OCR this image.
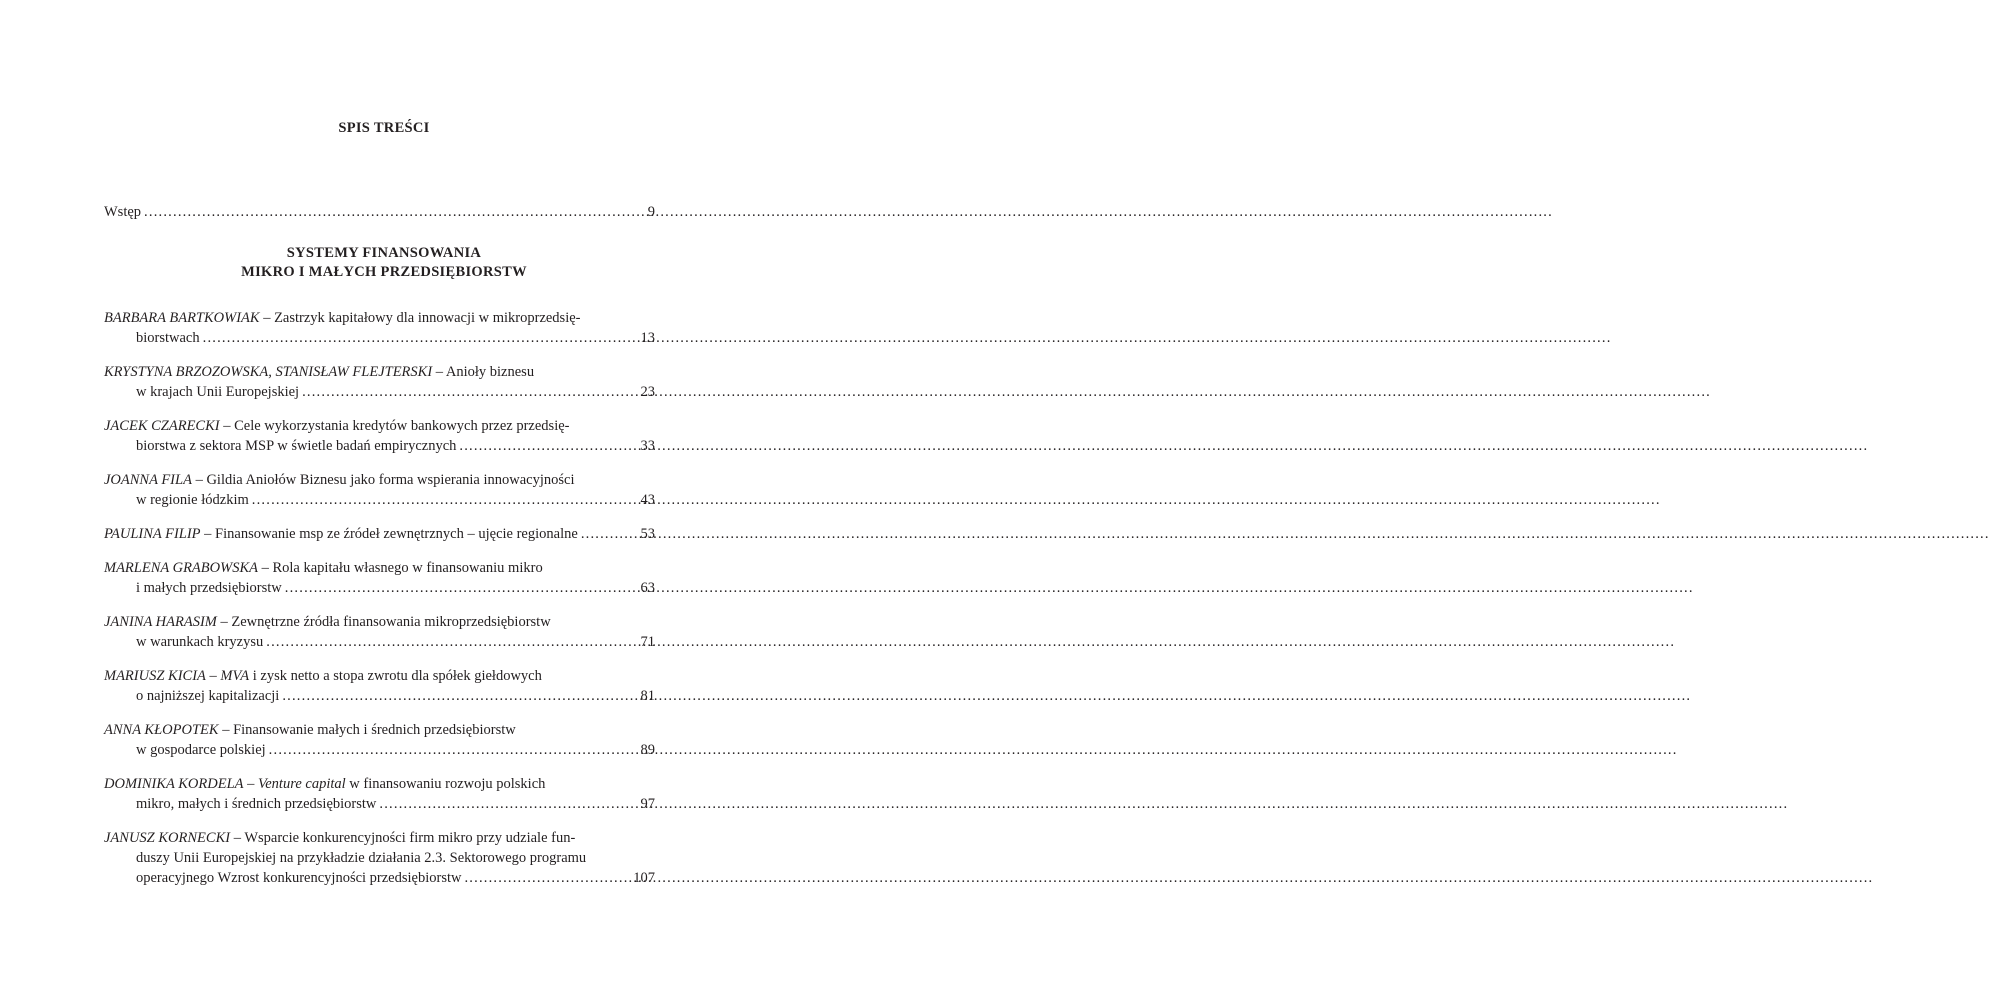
SPIS TREŚCI
Wstęp .....	9
SYSTEMY FINANSOWANIA
MIKRO I MAŁYCH PRZEDSIĘBIORSTW
BARBARA BARTKOWIAK – Zastrzyk kapitałowy dla innowacji w mikroprzedsię-
biorstwach .....	13
KRYSTYNA BRZOZOWSKA, STANISŁAW FLEJTERSKI – Anioły biznesu
w krajach Unii Europejskiej .....	23
JACEK CZARECKI – Cele wykorzystania kredytów bankowych przez przedsię-
biorstwa z sektora MSP w świetle badań empirycznych .....	33
JOANNA FILA – Gildia Aniołów Biznesu jako forma wspierania innowacyjności
w regionie łódzkim .....	43
PAULINA FILIP – Finansowanie msp ze źródeł zewnętrznych – ujęcie regionalne .....	53
MARLENA GRABOWSKA – Rola kapitału własnego w finansowaniu mikro
i małych przedsiębiorstw .....	63
JANINA HARASIM – Zewnętrzne źródła finansowania mikroprzedsiębiorstw
w warunkach kryzysu .....	71
MARIUSZ KICIA – MVA i zysk netto a stopa zwrotu dla spółek giełdowych
o najniższej kapitalizacji .....	81
ANNA KŁOPOTEK – Finansowanie małych i średnich przedsiębiorstw
w gospodarce polskiej .....	89
DOMINIKA KORDELA – Venture capital w finansowaniu rozwoju polskich
mikro, małych i średnich przedsiębiorstw .....	97
JANUSZ KORNECKI – Wsparcie konkurencyjności firm mikro przy udziale fun-
duszy Unii Europejskiej na przykładzie działania 2.3. Sektorowego programu
operacyjnego Wzrost konkurencyjności przedsiębiorstw .....	107
